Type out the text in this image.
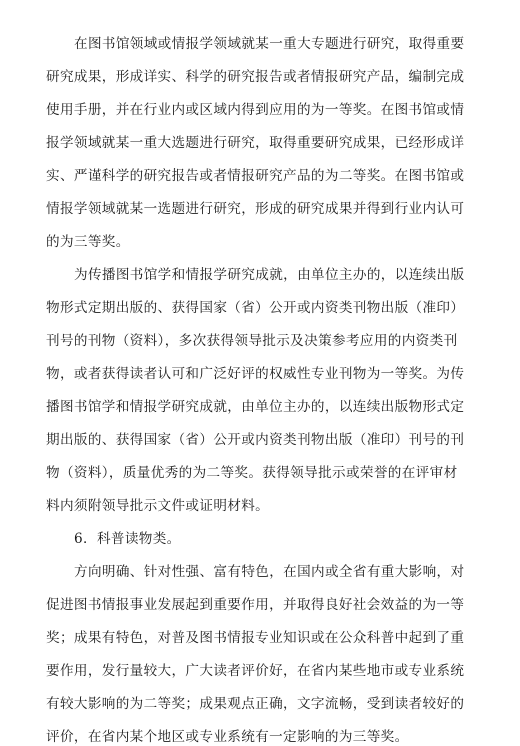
在图书馆领域或情报学领域就某一重大专题进行研究，取得重要
研究成果，形成详实、科学的研究报告或者情报研究产品，编制完成
使用手册，并在行业内或区域内得到应用的为一等奖。在图书馆或情
报学领域就某一重大选题进行研究，取得重要研究成果，已经形成详
实、严谨科学的研究报告或者情报研究产品的为二等奖。在图书馆或
情报学领域就某一选题进行研究，形成的研究成果并得到行业内认可
的为三等奖。
为传播图书馆学和情报学研究成就，由单位主办的，以连续出版
物形式定期出版的、获得国家（省）公开或内资类刊物出版（准印）
刊号的刊物（资料），多次获得领导批示及决策参考应用的内资类刊
物，或者获得读者认可和广泛好评的权威性专业刊物为一等奖。为传
播图书馆学和情报学研究成就，由单位主办的，以连续出版物形式定
期出版的、获得国家（省）公开或内资类刊物出版（准印）刊号的刊
物（资料），质量优秀的为二等奖。获得领导批示或荣誉的在评审材
料内须附领导批示文件或证明材料。
6．科普读物类。
方向明确、针对性强、富有特色，在国内或全省有重大影响，对
促进图书情报事业发展起到重要作用，并取得良好社会效益的为一等
奖；成果有特色，对普及图书情报专业知识或在公众科普中起到了重
要作用，发行量较大，广大读者评价好，在省内某些地市或专业系统
有较大影响的为二等奖；成果观点正确，文字流畅，受到读者较好的
评价，在省内某个地区或专业系统有一定影响的为三等奖。
